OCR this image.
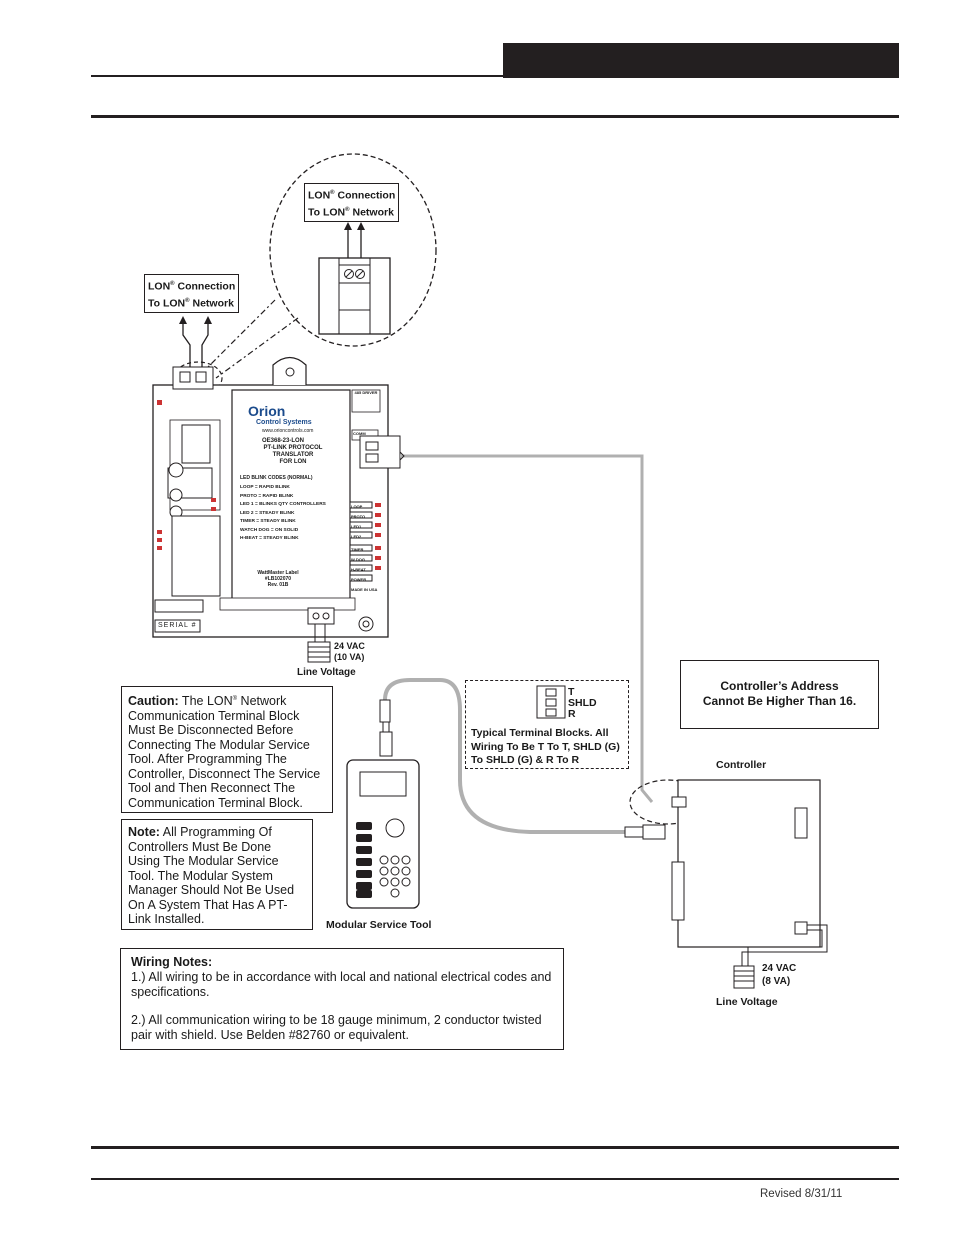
Orion
Control Systems
www.orioncontrols.com
OE368-23-LON
PT-LINK PROTOCOL
TRANSLATOR
FOR LON
LED BLINK CODES (NORMAL)
LOOP = RAPID BLINK
PROTO = RAPID BLINK
LED 1 = BLINKS QTY CONTROLLERS
LED 2 = STEADY BLINK
TIMER = STEADY BLINK
WATCH DOG = ON SOLID
H-BEAT = STEADY BLINK
WattMaster Label
#LB102070
Rev. 01B
485 DRIVER
COMM
LOOP
PROTO
LED1
LED2
TIMER
W DOG
H-BEAT
POWER
MADE IN USA
SERIAL #
LON® Connection
To LON® Network
LON® Connection
To LON® Network
24 VAC
(10 VA)
Line Voltage
Caution: The LON® Network Communication Terminal Block Must Be Disconnected Before Connecting The Modular Service Tool. After Programming The Controller, Disconnect The Service Tool and Then Reconnect The Communication Terminal Block.
Note: All Programming Of Controllers Must Be Done Using The Modular Service Tool. The Modular System Manager Should Not Be Used On A System That Has A PT-Link Installed.	Modular Service Tool
T
SHLD
R
Typical Terminal Blocks. All Wiring To Be T To T, SHLD (G) To SHLD (G) & R To R
Controller’s Address
Cannot Be Higher Than 16.
Controller
24 VAC
(8 VA)
Line Voltage
Wiring Notes:
1.) All wiring to be in accordance with local and national electrical codes and specifications.
2.) All communication wiring to be 18 gauge minimum, 2 conductor twisted pair with shield. Use Belden #82760 or equivalent.
Revised 8/31/11
